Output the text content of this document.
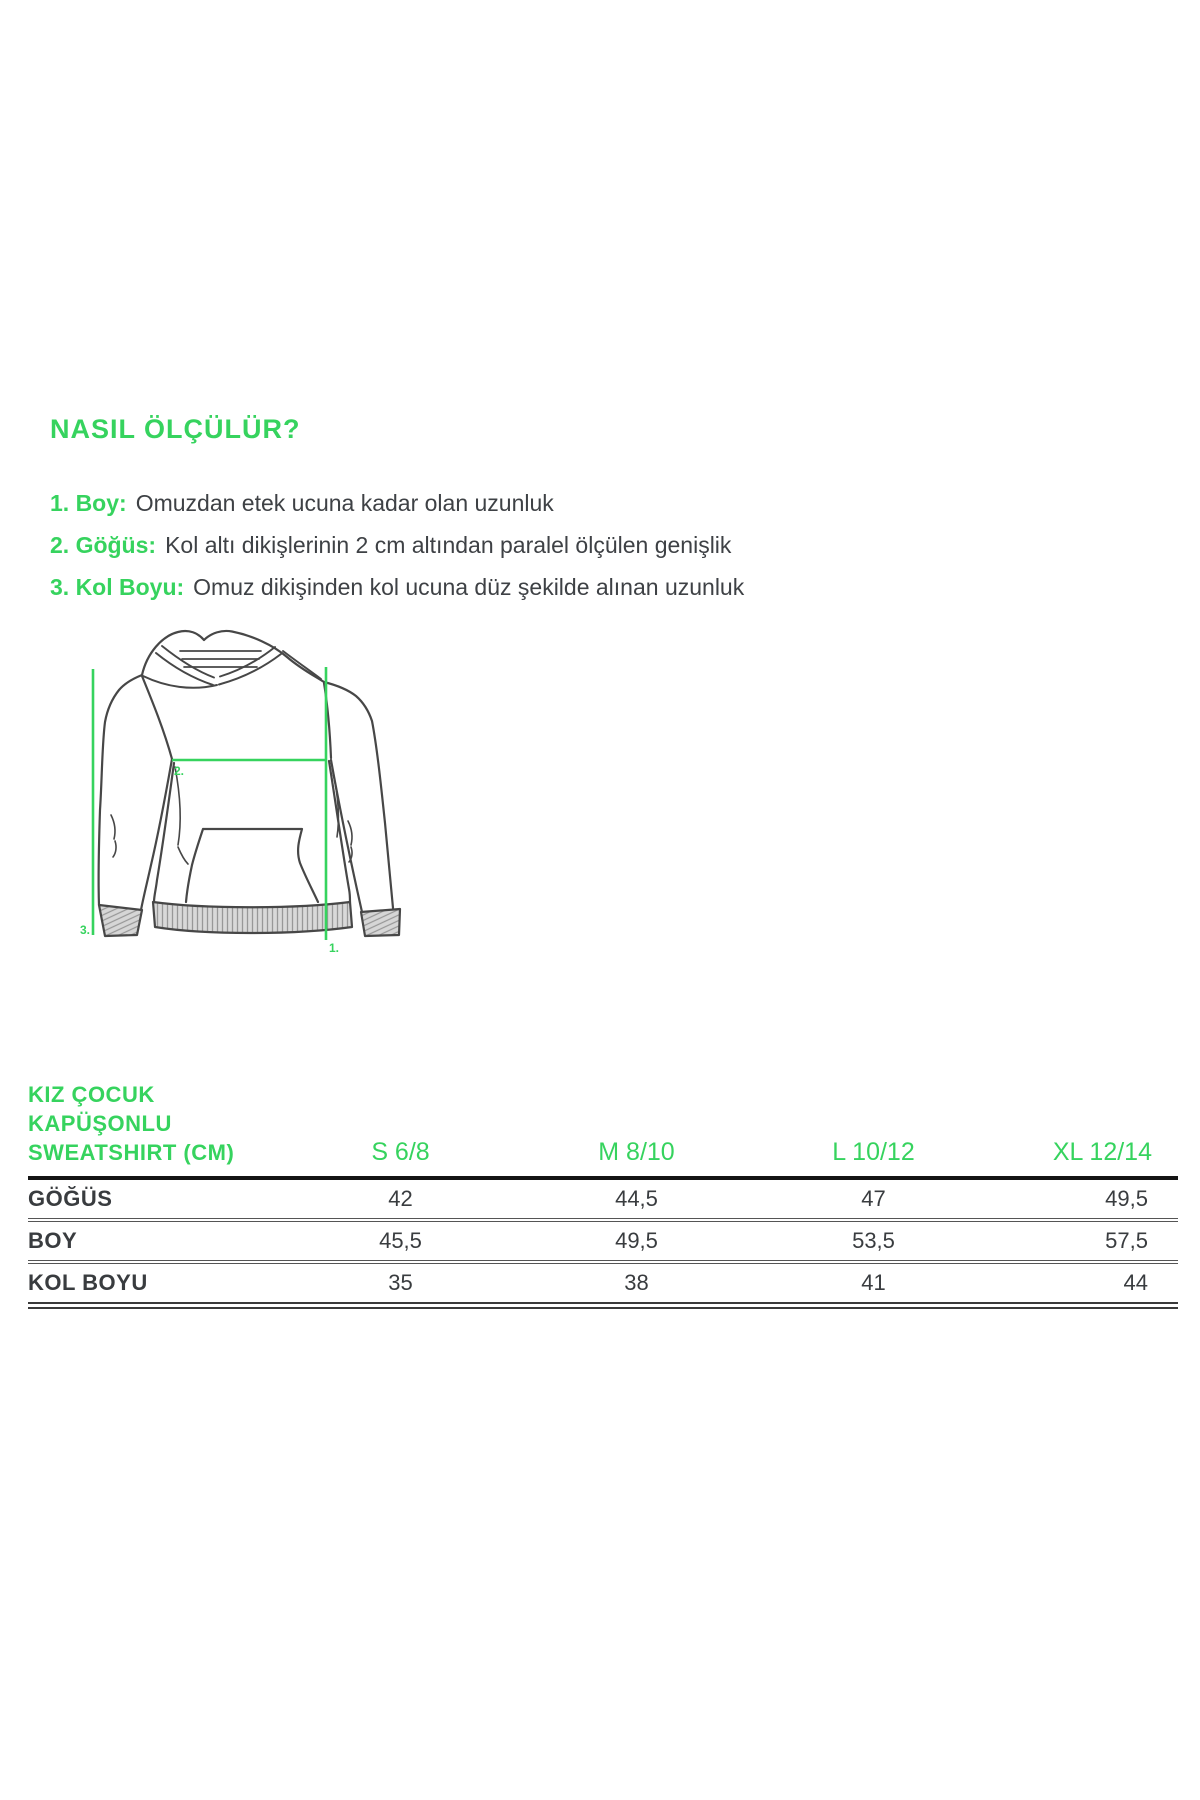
NASIL ÖLÇÜLÜR?
1. Boy: Omuzdan etek ucuna kadar olan uzunluk
2. Göğüs: Kol altı dikişlerinin 2 cm altından paralel ölçülen genişlik
3. Kol Boyu: Omuz dikişinden kol ucuna düz şekilde alınan uzunluk
3.
2.
1.
KIZ ÇOCUK KAPÜŞONLU
SWEATSHIRT (CM)	S 6/8	M 8/10	L 10/12	XL 12/14
GÖĞÜS	42	44,5	47	49,5
BOY	45,5	49,5	53,5	57,5
KOL BOYU	35	38	41	44
